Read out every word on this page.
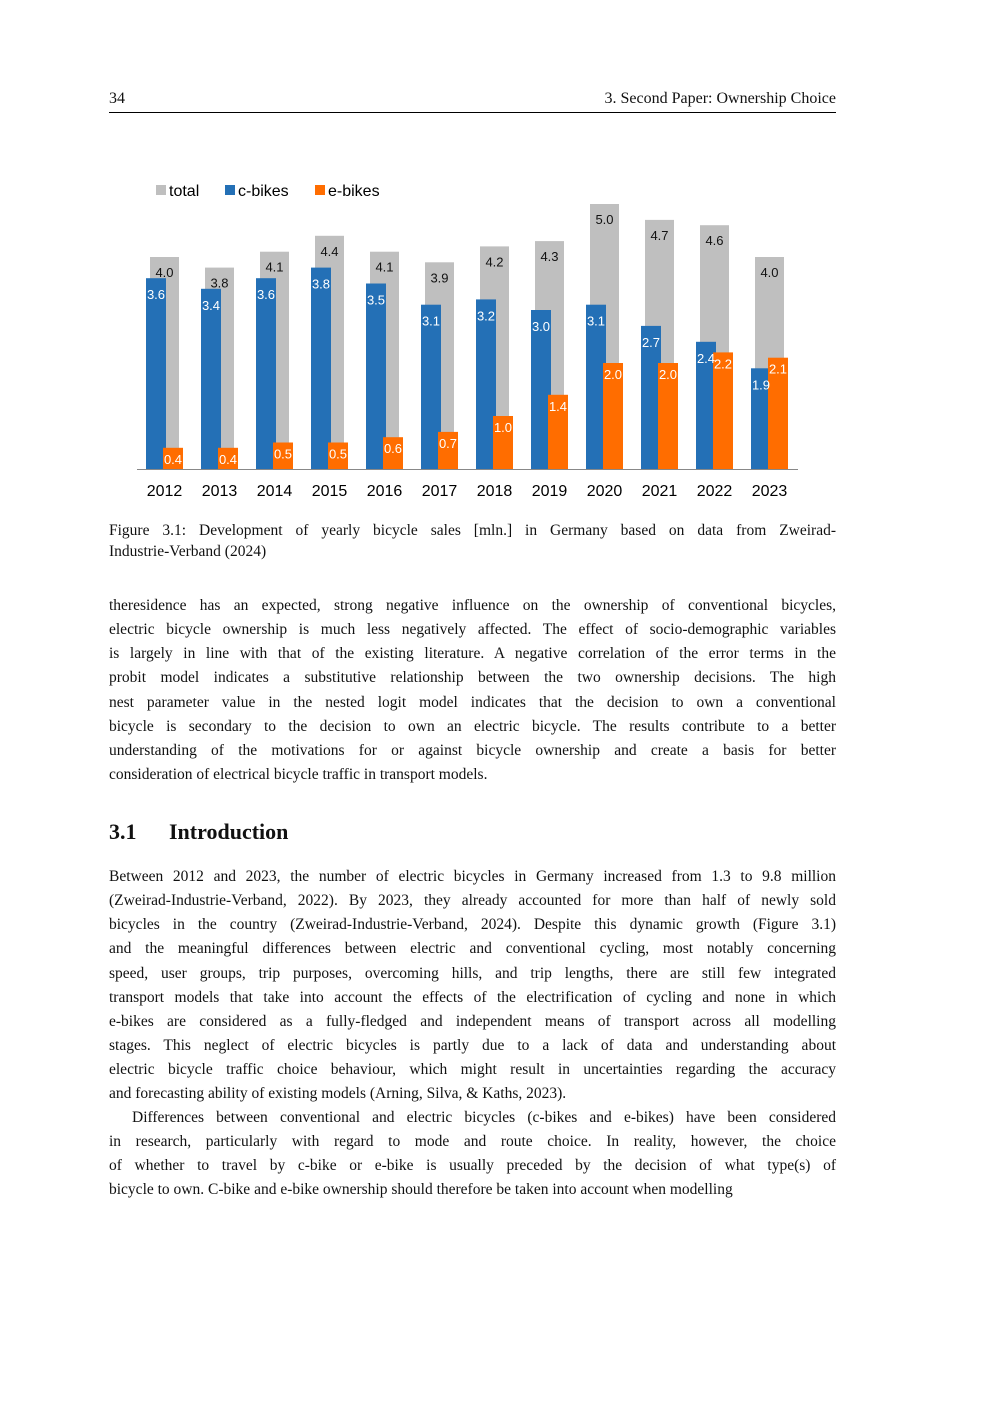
34	3. Second Paper: Ownership Choice
4.0
3.6
0.4
2012
3.8
3.4
0.4
2013
4.1
3.6
0.5
2014
4.4
3.8
0.5
2015
4.1
3.5
0.6
2016
3.9
3.1
0.7
2017
4.2
3.2
1.0
2018
4.3
3.0
1.4
2019
5.0
3.1
2.0
2020
4.7
2.7
2.0
2021
4.6
2.4
2.2
2022
4.0
1.9
2.1
2023
total c-bikes e-bikes
Figure 3.1: Development of yearly bicycle sales [mln.] in Germany based on data from Zweirad-
Industrie-Verband (2024)
theresidence has an expected, strong negative influence on the ownership of conventional bicycles,
electric bicycle ownership is much less negatively affected. The effect of socio-demographic variables
is largely in line with that of the existing literature. A negative correlation of the error terms in the
probit model indicates a substitutive relationship between the two ownership decisions. The high
nest parameter value in the nested logit model indicates that the decision to own a conventional
bicycle is secondary to the decision to own an electric bicycle. The results contribute to a better
understanding of the motivations for or against bicycle ownership and create a basis for better
consideration of electrical bicycle traffic in transport models.
3.1 Introduction
Between 2012 and 2023, the number of electric bicycles in Germany increased from 1.3 to 9.8 million
(Zweirad-Industrie-Verband, 2022). By 2023, they already accounted for more than half of newly sold
bicycles in the country (Zweirad-Industrie-Verband, 2024). Despite this dynamic growth (Figure 3.1)
and the meaningful differences between electric and conventional cycling, most notably concerning
speed, user groups, trip purposes, overcoming hills, and trip lengths, there are still few integrated
transport models that take into account the effects of the electrification of cycling and none in which
e-bikes are considered as a fully-fledged and independent means of transport across all modelling
stages. This neglect of electric bicycles is partly due to a lack of data and understanding about
electric bicycle traffic choice behaviour, which might result in uncertainties regarding the accuracy
and forecasting ability of existing models (Arning, Silva, & Kaths, 2023).
Differences between conventional and electric bicycles (c-bikes and e-bikes) have been considered
in research, particularly with regard to mode and route choice. In reality, however, the choice
of whether to travel by c-bike or e-bike is usually preceded by the decision of what type(s) of
bicycle to own. C-bike and e-bike ownership should therefore be taken into account when modelling
